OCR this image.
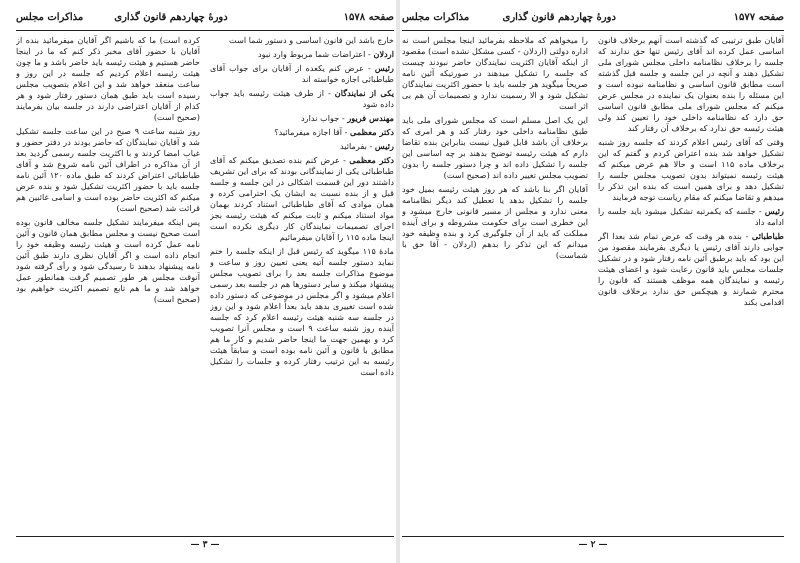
صفحه ۱۵۷۸
دورهٔ چهاردهم قانون گذاری
مذاکرات مجلس

خارج باشد این قانون اساسی و دستور شما است

اردلان - اعتراضات شما مربوط وارد نبود

رئیس - عرض کنم یکعده از آقایان برای جواب آقای طباطبائی اجازه خواسته اند

یکی از نمایندگان - از طرف هیئت رئیسه باید جواب داده شود

مهندس فریور - جواب ندارد

دکتر معظمی - آقا اجازه میفرمائید؟

رئیس - بفرمائید

دکتر معظمی - عرض کنم بنده تصدیق میکنم که آقای طباطبائی یکی از نمایندگانی بودند که برای این تشریف داشتند دور این قسمت اشکالی در این جلسه و جلسه قبل و از بنده نسبت به ایشان یک احترامی کرده و همان موادی که آقای طباطبائی استناد کردند بهمان مواد استناد میکنم و ثابت میکنم که هیئت رئیسه بجز اجرای تصمیمات نمایندگان کار دیگری نکرده است اینجا ماده ۱۱۵ را آقایان میفرمائیم

مادهٔ ۱۱۵ میگوید که رئیس قبل از اینکه جلسه را ختم نماید دستور جلسه آتیه یعنی تعیین روز و ساعت و موضوع مذاکرات جلسه بعد را برای تصویب مجلس پیشنهاد میکند و سایر دستورها هم در جلسه بعد رسمی اعلام میشود و اگر مجلس در موضوعی که دستور داده شده است تغییری بدهد باید بعداً اعلام شود و این روز در جلسه سه شنبه هیئت رئیسه اعلام کرد که جلسه آینده روز شنبه ساعت ۹ است و مجلس آنرا تصویب کرد و بهمین جهت ما اینجا حاضر شدیم و کار ما هم مطابق با قانون و آئین نامه بوده است و سابقاً هیئت رئیسه به این ترتیب رفتار کرده و جلسات را تشکیل داده است

کرده است) ما که باشیم اگر آقایان میفرمائید بنده از آقایان با حضور آقای مخبر ذکر کنم که ما در اینجا حاضر هستیم و هیئت رئیسه باید حاضر باشد و ما چون هیئت رئیسه اعلام کردیم که جلسه در این روز و ساعت منعقد خواهد شد و این اعلام بتصویب مجلس رسیده است باید طبق همان دستور رفتار شود و هر کدام از آقایان اعتراضی دارند در جلسه بیان بفرمایند (صحیح است)

روز شنبه ساعت ۹ صبح در این ساعت جلسه تشکیل شد و آقایان نمایندگان که حاضر بودند در دفتر حضور و غیاب امضا کردند و با اکثریت جلسه رسمی گردید بعد از آن مذاکره در اطراف آئین نامه شروع شد و آقای طباطبائی اعتراض کردند که طبق ماده ۱۲۰ آئین نامه جلسه باید با حضور اکثریت تشکیل شود و بنده عرض میکنم که اکثریت حاضر بوده است و اسامی غائبین هم قرائت شد (صحیح است)

پس اینکه میفرمایند تشکیل جلسه مخالف قانون بوده است صحیح نیست و مجلس مطابق همان قانون و آئین نامه عمل کرده است و هیئت رئیسه وظیفه خود را انجام داده است و اگر آقایان نظری دارند طبق آئین نامه پیشنهاد بدهند تا رسیدگی شود و رأی گرفته شود آنوقت مجلس هر طور تصمیم گرفت همانطور عمل خواهد شد و ما هم تابع تصمیم اکثریت خواهیم بود (صحیح است)

— ۳ —
صفحه ۱۵۷۷
دورهٔ چهاردهم قانون گذاری
مذاکرات مجلس

آقایان طبق ترتیبی که گذشته است آنهم برخلاف قانون اساسی عمل کرده اند آقای رئیس تنها حق ندارند که جلسه را برخلاف نظامنامه داخلی مجلس شورای ملی تشکیل دهند و آنچه در این جلسه و جلسه قبل گذشته است مطابق قانون اساسی و نظامنامه نبوده است و این مسئله را بنده بعنوان یک نماینده در مجلس عرض میکنم که مجلس شورای ملی مطابق قانون اساسی حق دارد که نظامنامه داخلی خود را تعیین کند ولی هیئت رئیسه حق ندارد که برخلاف آن رفتار کند

وقتی که آقای رئیس اعلام کردند که جلسه روز شنبه تشکیل خواهد شد بنده اعتراض کردم و گفتم که این برخلاف ماده ۱۱۵ است و حالا هم عرض میکنم که هیئت رئیسه نمیتواند بدون تصویب مجلس جلسه را تشکیل دهد و برای همین است که بنده این تذکر را میدهم و تقاضا میکنم که مقام ریاست توجه فرمایند

رئیس - جلسه که یکمرتبه تشکیل میشود باید جلسه را ادامه داد

طباطبائی - بنده هر وقت که عرض تمام شد بعدا اگر جوابی دارند آقای رئیس یا دیگری بفرمایند مقصود من این بود که باید برطبق آئین نامه رفتار شود و در تشکیل جلسات مجلس باید قانون رعایت شود و اعضای هیئت رئیسه و نمایندگان همه موظف هستند که قانون را محترم شمارند و هیچکس حق ندارد برخلاف قانون اقدامی بکند

را میخواهم که ملاحظه بفرمائید اینجا مجلس است نه اداره دولتی (اردلان - کسی مشکل نشده است) مقصود از اینکه آقایان اکثریت نمایندگان حاضر نبودند چیست که جلسه را تشکیل میدهند در صورتیکه آئین نامه صریحاً میگوید هر جلسه باید با حضور اکثریت نمایندگان تشکیل شود و الا رسمیت ندارد و تصمیمات آن هم بی اثر است

این یک اصل مسلم است که مجلس شورای ملی باید طبق نظامنامه داخلی خود رفتار کند و هر امری که برخلاف آن باشد قابل قبول نیست بنابراین بنده تقاضا دارم که هیئت رئیسه توضیح بدهند بر چه اساسی این جلسه را تشکیل داده اند و چرا دستور جلسه را بدون تصویب مجلس تغییر داده اند (صحیح است)

آقایان اگر بنا باشد که هر روز هیئت رئیسه بمیل خود جلسه را تشکیل بدهد یا تعطیل کند دیگر نظامنامه معنی ندارد و مجلس از مسیر قانونی خارج میشود و این خطری است برای حکومت مشروطه و برای آینده مملکت که باید از آن جلوگیری کرد و بنده وظیفه خود میدانم که این تذکر را بدهم (اردلان - آقا حق با شماست)

— ۲ —
